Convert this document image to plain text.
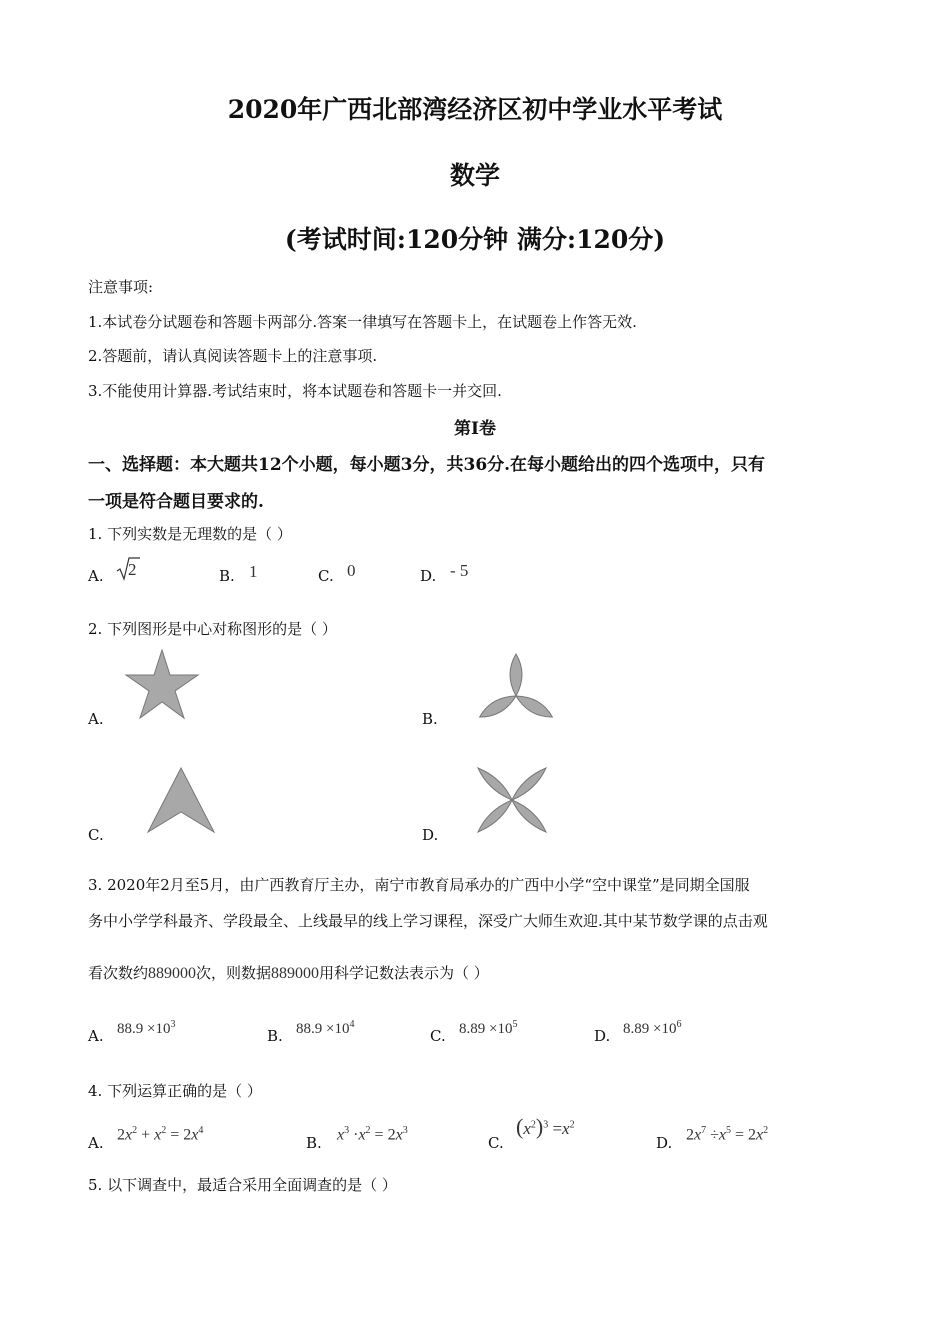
2020年广西北部湾经济区初中学业水平考试
数学
(考试时间:120分钟 满分:120分)
注意事项:
1.本试卷分试题卷和答题卡两部分.答案一律填写在答题卡上，在试题卷上作答无效.
2.答题前，请认真阅读答题卡上的注意事项.
3.不能使用计算器.考试结束时，将本试题卷和答题卡一并交回.
第I卷
一、选择题：本大题共12个小题，每小题3分，共36分.在每小题给出的四个选项中，只有
一项是符合题目要求的.
1. 下列实数是无理数的是（ ）
A. 2	B. 1	C. 0	D. - 5
2. 下列图形是中心对称图形的是（ ）
A.	B.
C.	D.
3. 2020年2月至5月，由广西教育厅主办，南宁市教育局承办的广西中小学“空中课堂”是同期全国服
务中小学学科最齐、学段最全、上线最早的线上学习课程，深受广大师生欢迎.其中某节数学课的点击观
看次数约889000次，则数据889000用科学记数法表示为（ ）
A. $88.9 \times 10^3$
B. $88.9 \times 10^4$
C. $8.89 \times 10^5$
D. $8.89 \times 10^6$
4. 下列运算正确的是（ ）
A. $2x^2 + x^2 = 2x^4$
B. $x^3 \cdot x^2 = 2x^3$
C.
$(x^2)^3 =x^2$
D. $2x^7 \div x^5 = 2x^2$
5. 以下调查中，最适合采用全面调查的是（ ）
